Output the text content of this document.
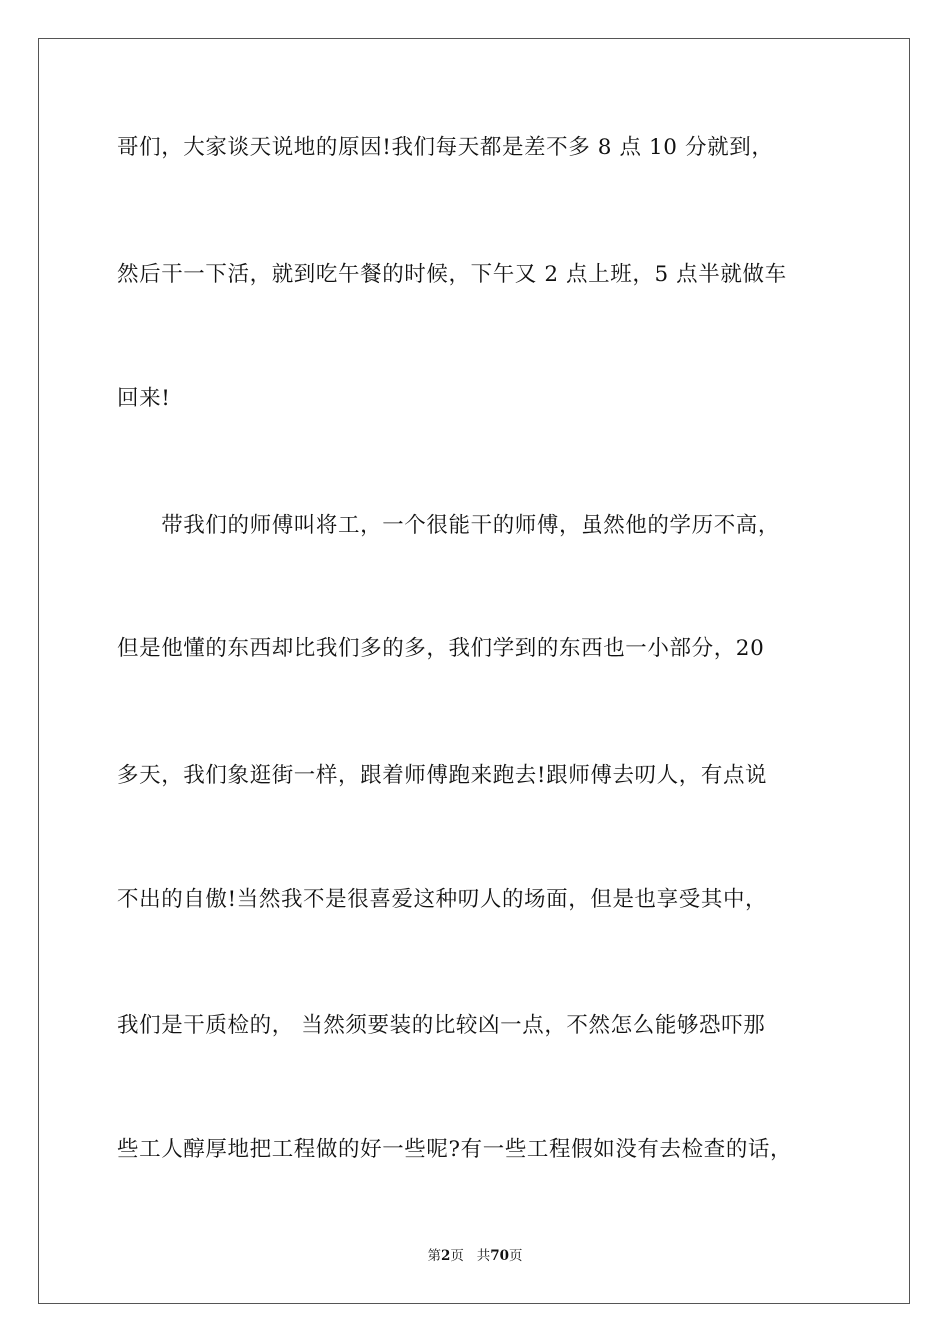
哥们，大家谈天说地的原因!我们每天都是差不多 8 点 10 分就到，
然后干一下活，就到吃午餐的时候，下午又 2 点上班，5 点半就做车
回来!
　　带我们的师傅叫将工，一个很能干的师傅，虽然他的学历不高，
但是他懂的东西却比我们多的多，我们学到的东西也一小部分，20
多天，我们象逛街一样，跟着师傅跑来跑去!跟师傅去叨人，有点说
不出的自傲!当然我不是很喜爱这种叨人的场面，但是也享受其中，
我们是干质检的， 当然须要装的比较凶一点，不然怎么能够恐吓那
些工人醇厚地把工程做的好一些呢?有一些工程假如没有去检查的话，
第2页 共70页
